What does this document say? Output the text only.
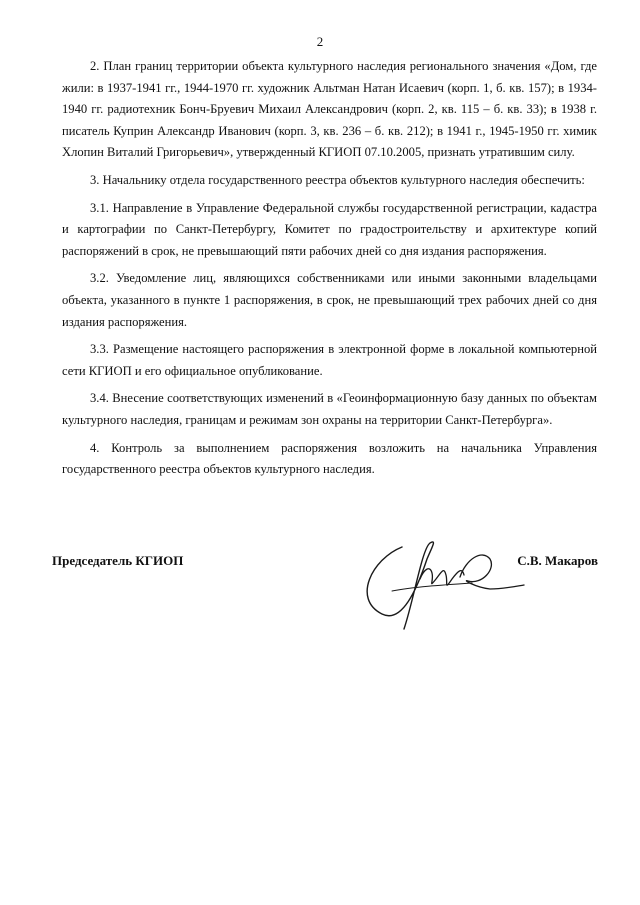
2

2. План границ территории объекта культурного наследия регионального значения «Дом, где жили: в 1937-1941 гг., 1944-1970 гг. художник Альтман Натан Исаевич (корп. 1, б. кв. 157); в 1934-1940 гг. радиотехник Бонч-Бруевич Михаил Александрович (корп. 2, кв. 115 – б. кв. 33); в 1938 г. писатель Куприн Александр Иванович (корп. 3, кв. 236 – б. кв. 212); в 1941 г., 1945-1950 гг. химик Хлопин Виталий Григорьевич», утвержденный КГИОП 07.10.2005, признать утратившим силу.

3. Начальнику отдела государственного реестра объектов культурного наследия обеспечить:

3.1. Направление в Управление Федеральной службы государственной регистрации, кадастра и картографии по Санкт-Петербургу, Комитет по градостроительству и архитектуре копий распоряжений в срок, не превышающий пяти рабочих дней со дня издания распоряжения.

3.2. Уведомление лиц, являющихся собственниками или иными законными владельцами объекта, указанного в пункте 1 распоряжения, в срок, не превышающий трех рабочих дней со дня издания распоряжения.

3.3. Размещение настоящего распоряжения в электронной форме в локальной компьютерной сети КГИОП и его официальное опубликование.

3.4. Внесение соответствующих изменений в «Геоинформационную базу данных по объектам культурного наследия, границам и режимам зон охраны на территории Санкт-Петербурга».

4. Контроль за выполнением распоряжения возложить на начальника Управления государственного реестра объектов культурного наследия.

Председатель КГИОП	С.В. Макаров
